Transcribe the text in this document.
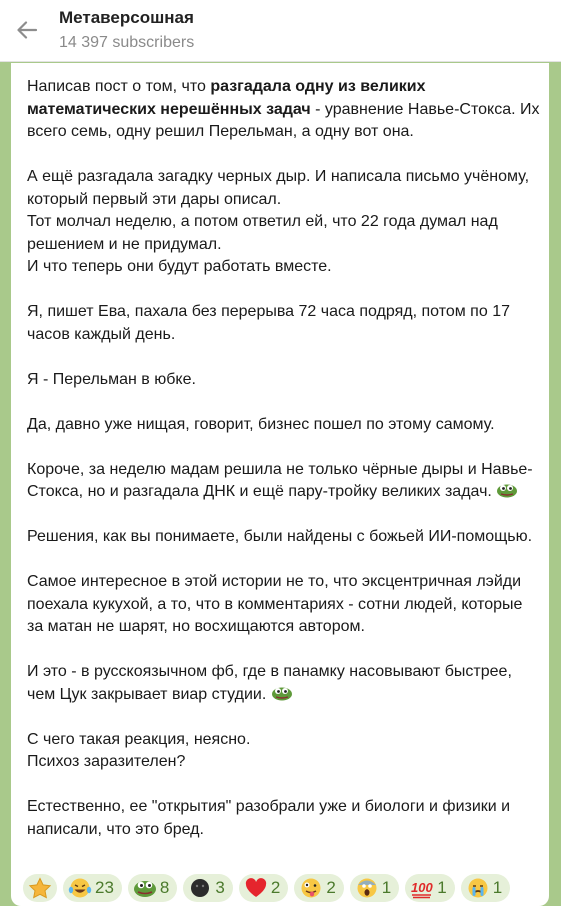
Метаверсошная
14 397 subscribers

Написав пост о том, что разгадала одну из великих математических нерешённых задач - уравнение Навье-Стокса. Их всего семь, одну решил Перельман, а одну вот она.

А ещё разгадала загадку черных дыр. И написала письмо учёному, который первый эти дары описал.

Тот молчал неделю, а потом ответил ей, что 22 года думал над решением и не придумал.

И что теперь они будут работать вместе.

Я, пишет Ева, пахала без перерыва 72 часа подряд, потом по 17 часов каждый день.

Я - Перельман в юбке.

Да, давно уже нищая, говорит, бизнес пошел по этому самому.

Короче, за неделю мадам решила не только чёрные дыры и Навье-Стокса, но и разгадала ДНК и ещё пару-тройку великих задач.

Решения, как вы понимаете, были найдены с божьей ИИ-помощью.

Самое интересное в этой истории не то, что эксцентричная лэйди поехала кукухой, а то, что в комментариях - сотни людей, которые за матан не шарят, но восхищаются автором.

И это - в русскоязычном фб, где в панамку насовывают быстрее, чем Цук закрывает виар студии.

С чего такая реакция, неясно.

Психоз заразителен?

Естественно, ее "открытия" разобрали уже и биологи и физики и написали, что это бред.

23	8	3	2	2	1 100 1	1
